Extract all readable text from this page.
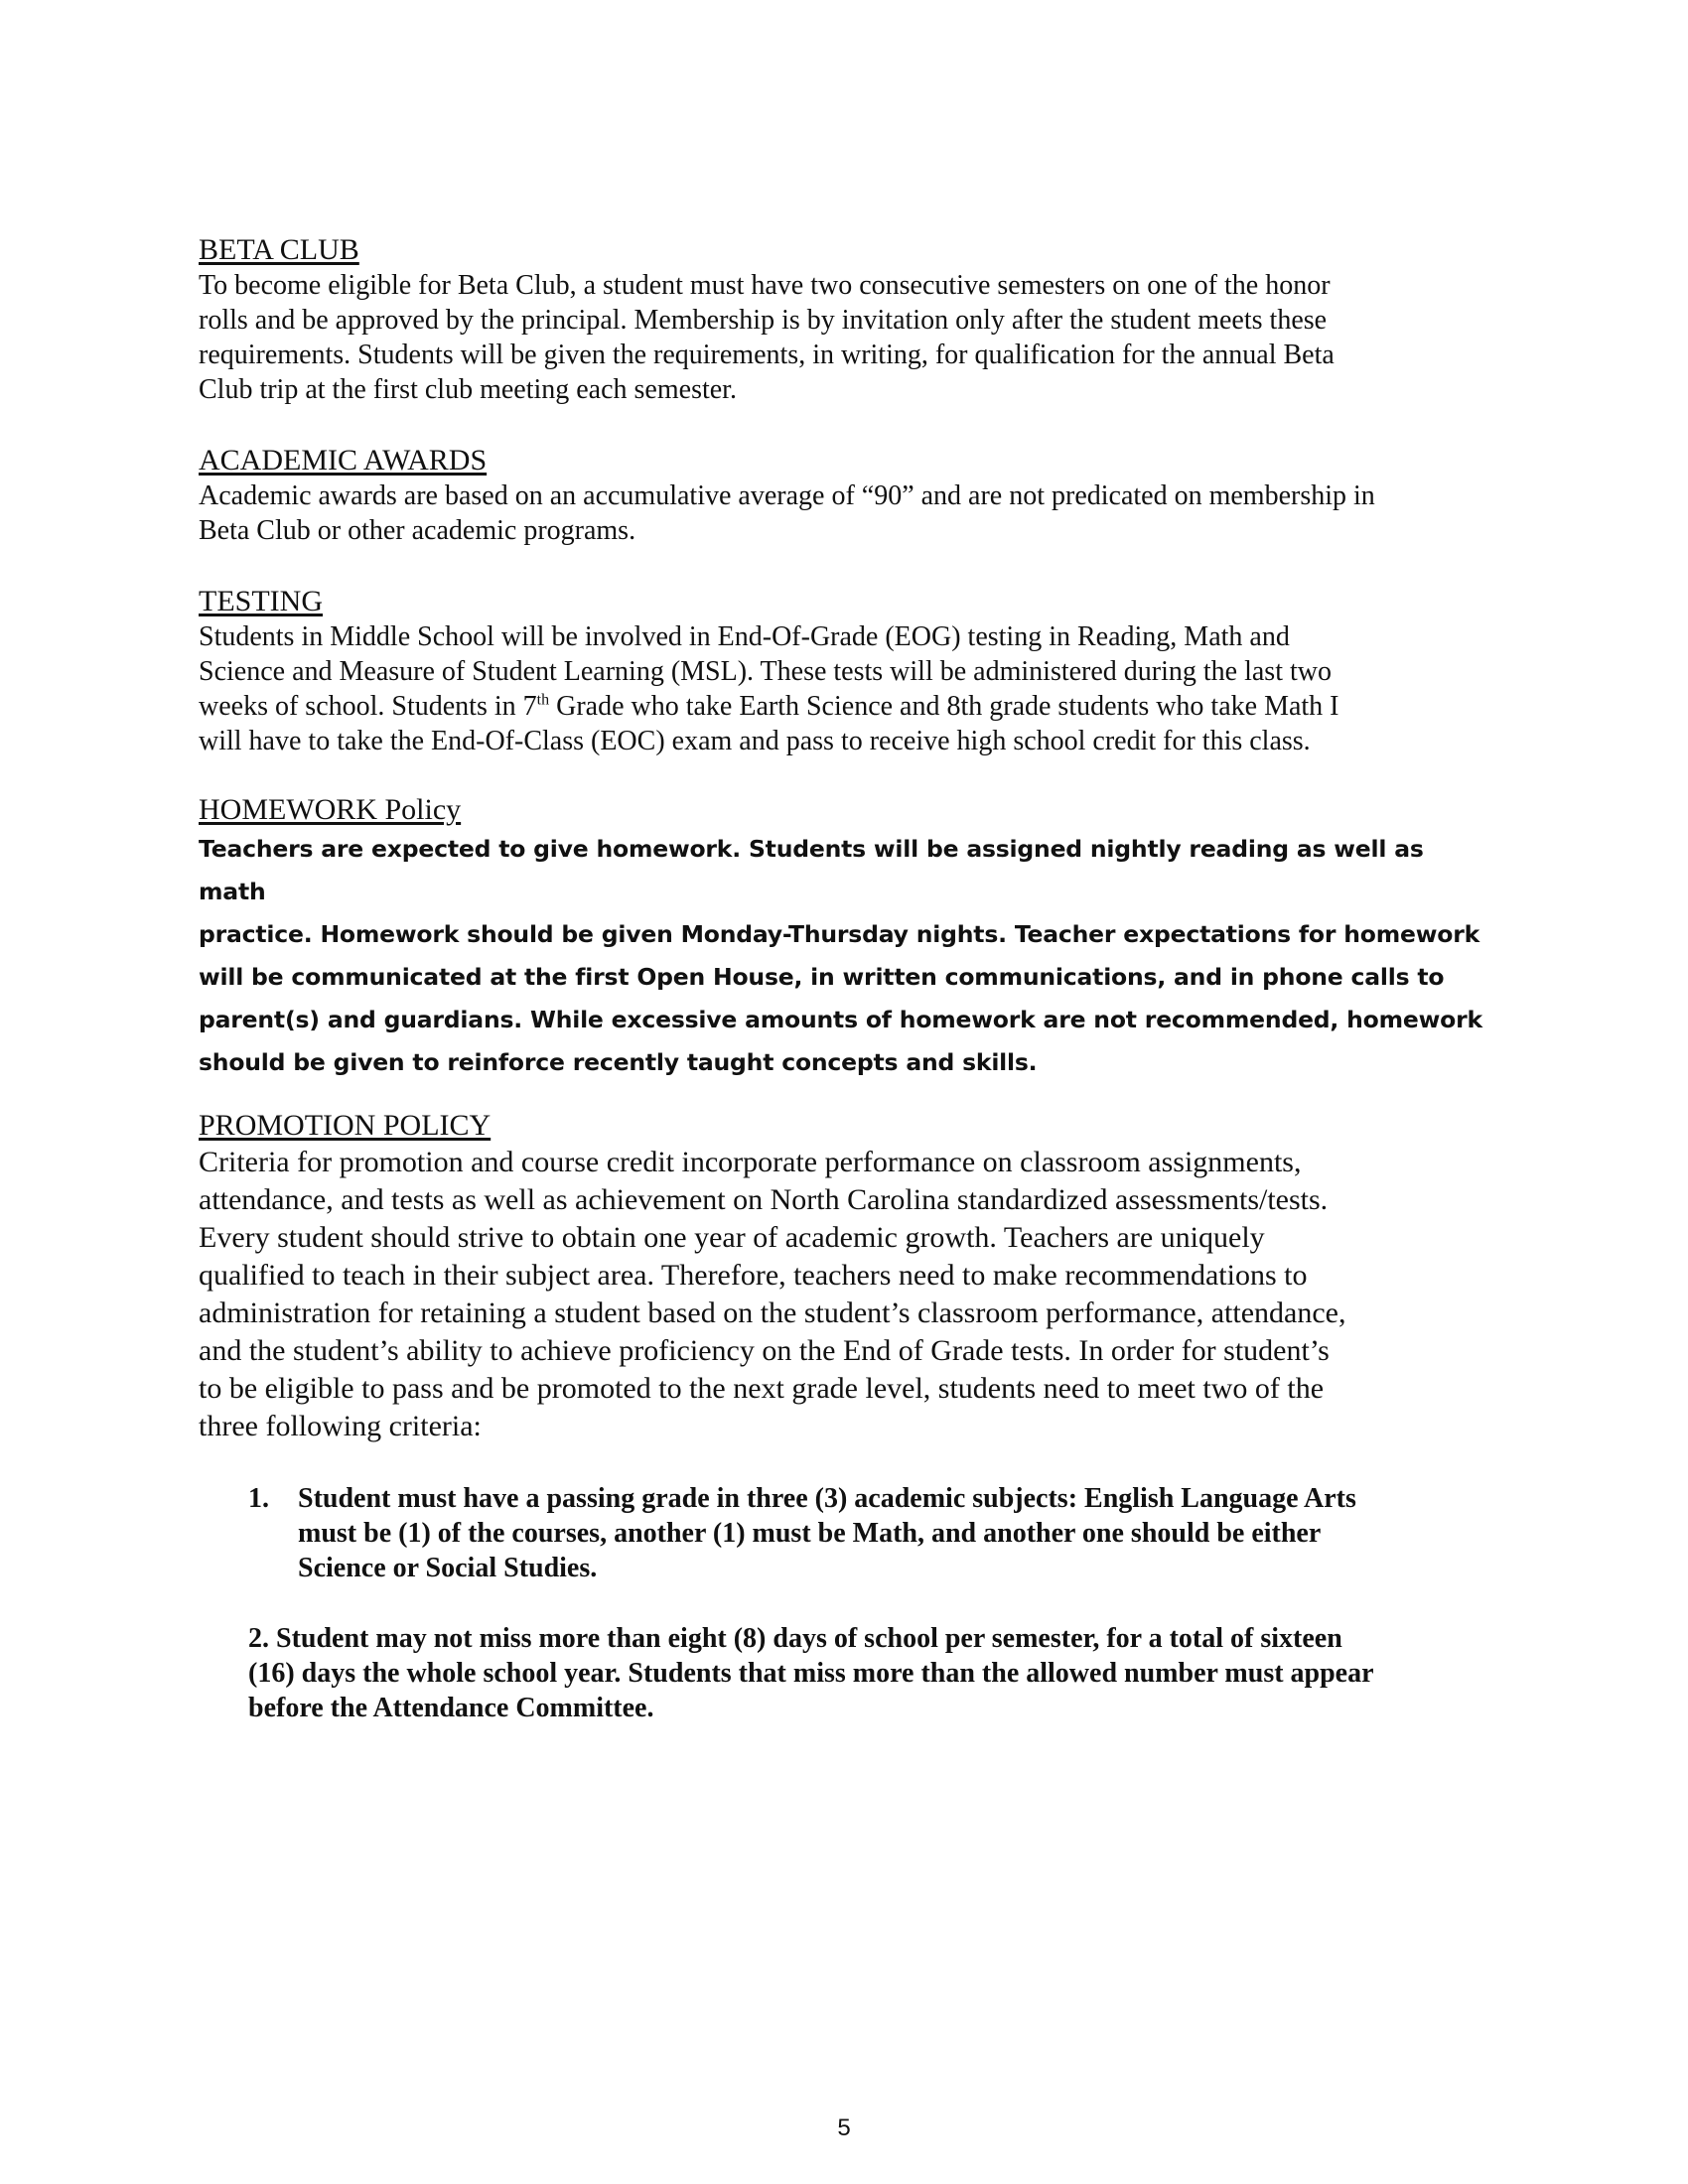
BETA CLUB

To become eligible for Beta Club, a student must have two consecutive semesters on one of the honor
rolls and be approved by the principal. Membership is by invitation only after the student meets these
requirements. Students will be given the requirements, in writing, for qualification for the annual Beta
Club trip at the first club meeting each semester.

ACADEMIC AWARDS

Academic awards are based on an accumulative average of “90” and are not predicated on membership in
Beta Club or other academic programs.

TESTING

Students in Middle School will be involved in End-Of-Grade (EOG) testing in Reading, Math and
Science and Measure of Student Learning (MSL). These tests will be administered during the last two
weeks of school. Students in 7th Grade who take Earth Science and 8th grade students who take Math I
will have to take the End-Of-Class (EOC) exam and pass to receive high school credit for this class.

HOMEWORK Policy

Teachers are expected to give homework. Students will be assigned nightly reading as well as math
practice. Homework should be given Monday-Thursday nights. Teacher expectations for homework
will be communicated at the first Open House, in written communications, and in phone calls to
parent(s) and guardians. While excessive amounts of homework are not recommended, homework
should be given to reinforce recently taught concepts and skills.

PROMOTION POLICY

Criteria for promotion and course credit incorporate performance on classroom assignments,
attendance, and tests as well as achievement on North Carolina standardized assessments/tests.
Every student should strive to obtain one year of academic growth. Teachers are uniquely
qualified to teach in their subject area. Therefore, teachers need to make recommendations to
administration for retaining a student based on the student’s classroom performance, attendance,
and the student’s ability to achieve proficiency on the End of Grade tests. In order for student’s
to be eligible to pass and be promoted to the next grade level, students need to meet two of the
three following criteria:

1. Student must have a passing grade in three (3) academic subjects: English Language Arts
must be (1) of the courses, another (1) must be Math, and another one should be either
Science or Social Studies.
2. Student may not miss more than eight (8) days of school per semester, for a total of sixteen
(16) days the whole school year. Students that miss more than the allowed number must appear
before the Attendance Committee.
5
